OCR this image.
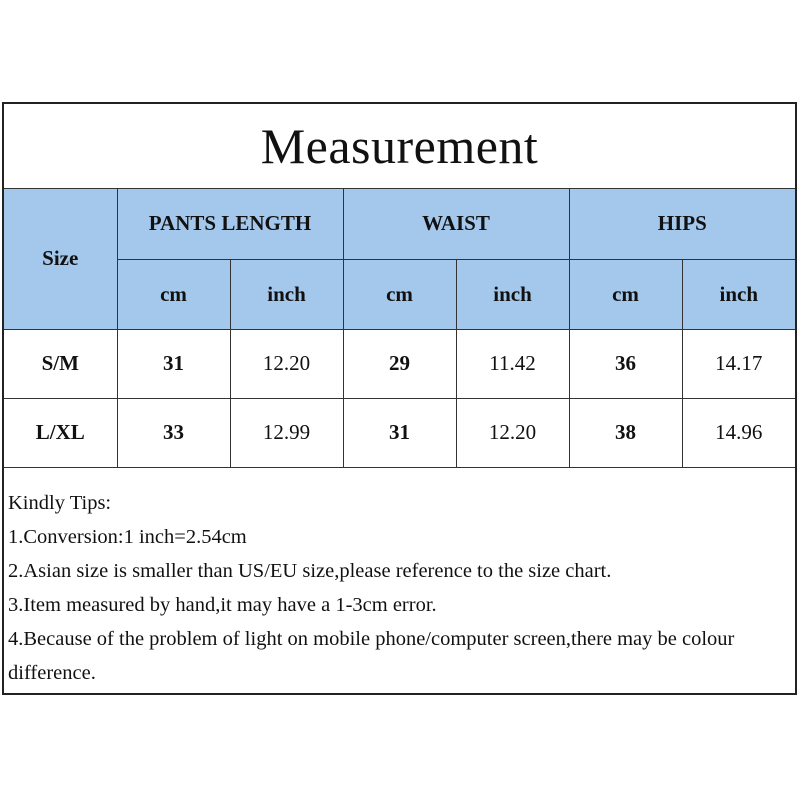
Measurement
Size	PANTS LENGTH		WAIST		HIPS	
	cm	inch	cm	inch	cm	inch
S/M	31	12.20	29	11.42	36	14.17
L/XL	33	12.99	31	12.20	38	14.96
Kindly Tips:
1.Conversion:1 inch=2.54cm
2.Asian size is smaller than US/EU size,please reference to the size chart.
3.Item measured by hand,it may have a 1-3cm error.
4.Because of the problem of light on mobile phone/computer screen,there may be colour difference.
